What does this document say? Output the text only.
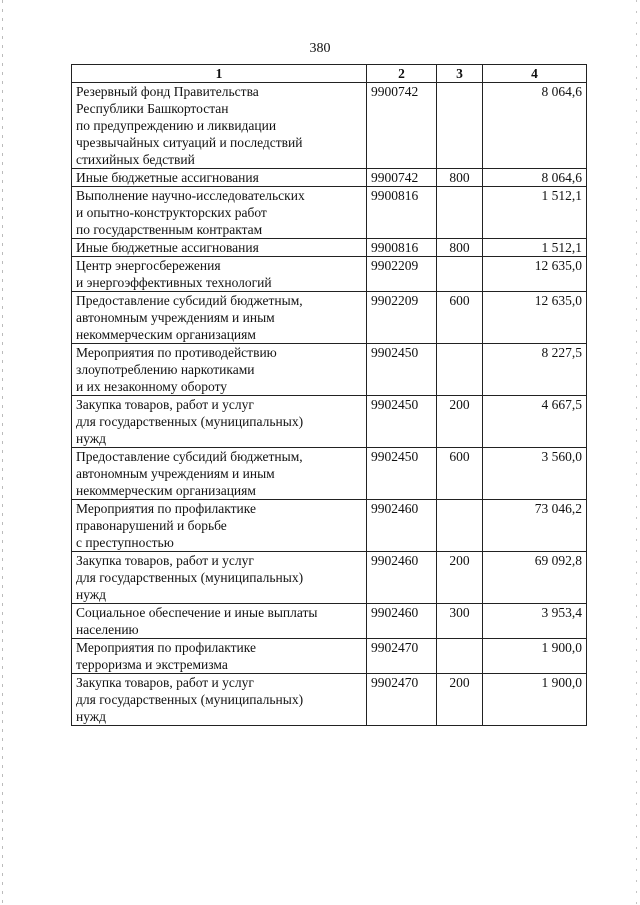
380
1	2	3	4
Резервный фонд Правительства
Республики Башкортостан
по предупреждению и ликвидации
чрезвычайных ситуаций и последствий
стихийных бедствий	9900742		8 064,6
Иные бюджетные ассигнования	9900742	800	8 064,6
Выполнение научно-исследовательских
и опытно-конструкторских работ
по государственным контрактам	9900816		1 512,1
Иные бюджетные ассигнования	9900816	800	1 512,1
Центр энергосбережения
и энергоэффективных технологий	9902209		12 635,0
Предоставление субсидий бюджетным,
автономным учреждениям и иным
некоммерческим организациям	9902209	600	12 635,0
Мероприятия по противодействию
злоупотреблению наркотиками
и их незаконному обороту	9902450		8 227,5
Закупка товаров, работ и услуг
для государственных (муниципальных)
нужд	9902450	200	4 667,5
Предоставление субсидий бюджетным,
автономным учреждениям и иным
некоммерческим организациям	9902450	600	3 560,0
Мероприятия по профилактике
правонарушений и борьбе
с преступностью	9902460		73 046,2
Закупка товаров, работ и услуг
для государственных (муниципальных)
нужд	9902460	200	69 092,8
Социальное обеспечение и иные выплаты
населению	9902460	300	3 953,4
Мероприятия по профилактике
терроризма и экстремизма	9902470		1 900,0
Закупка товаров, работ и услуг
для государственных (муниципальных)
нужд	9902470	200	1 900,0
